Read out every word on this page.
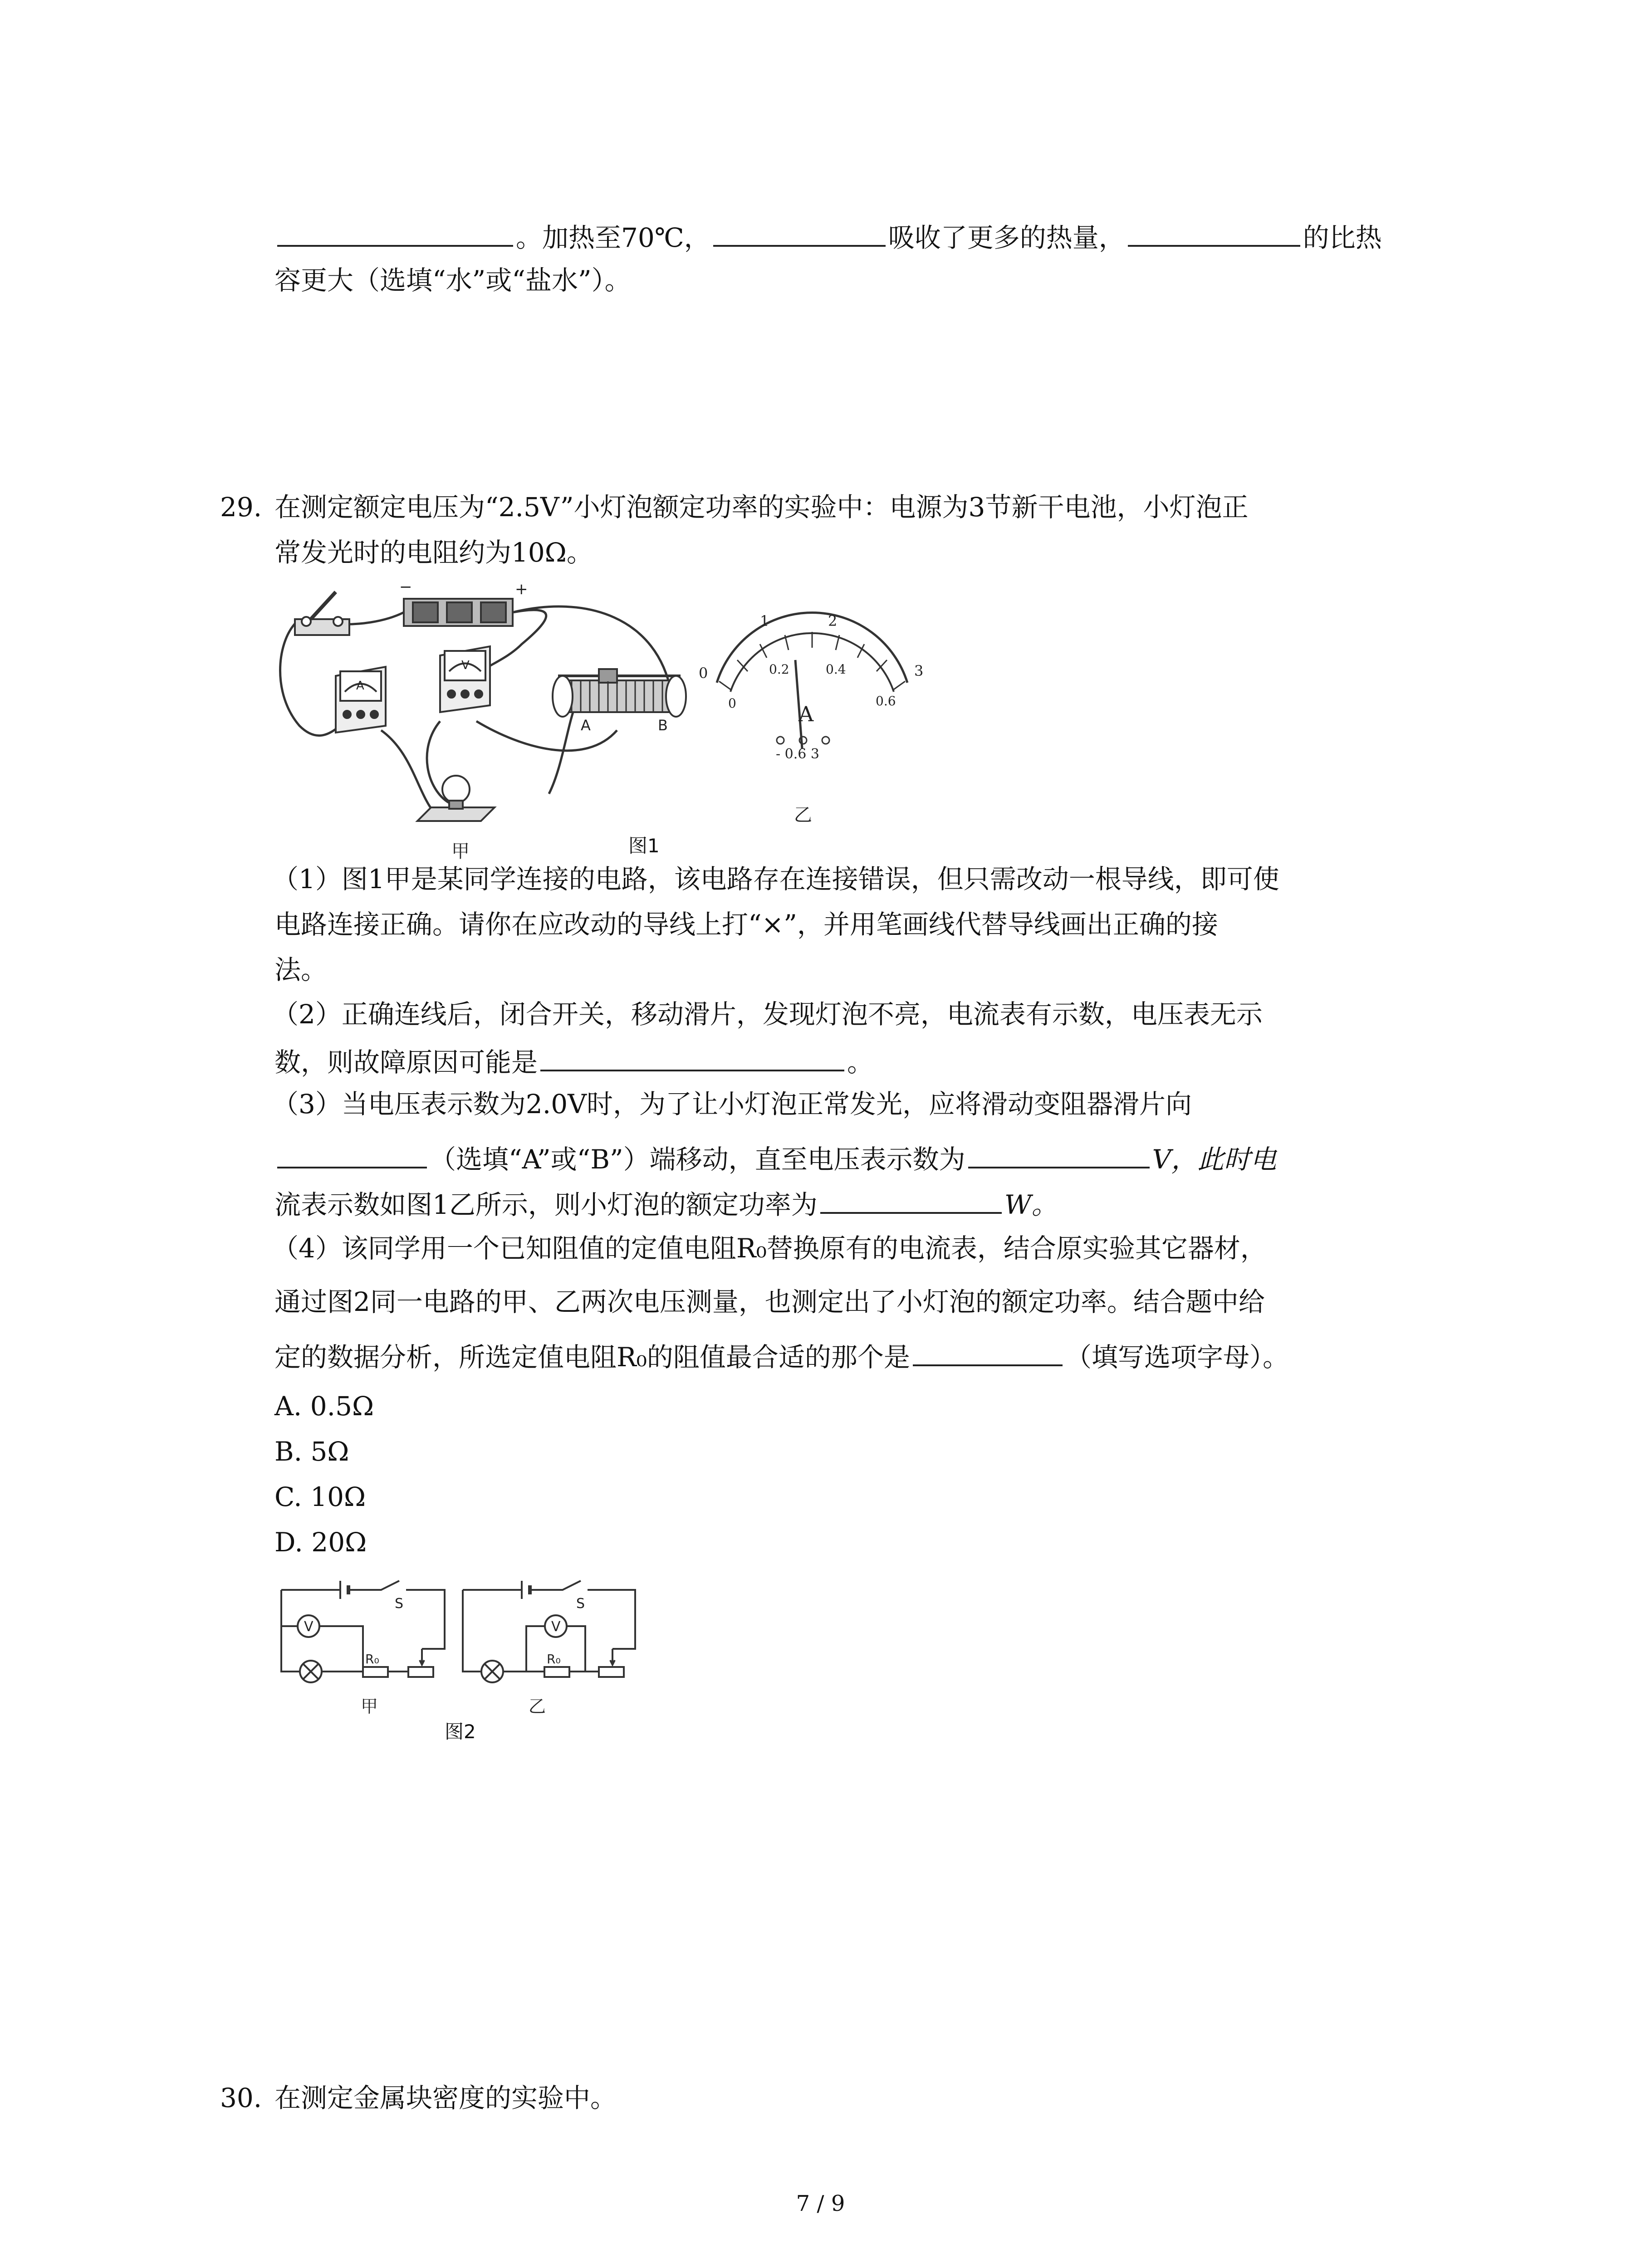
。加热至70℃，	吸收了更多的热量，	的比热
容更大（选填“水”或“盐水”）。
29. 在测定额定电压为“2.5V”小灯泡额定功率的实验中：电源为3节新干电池，小灯泡正
常发光时的电阻约为10Ω。
−	+
A
V
A	B
甲
0
1	2
3
0
0.2	0.4
0.6
A
- 0.6 3
乙
图1
（1）图1甲是某同学连接的电路，该电路存在连接错误，但只需改动一根导线，即可使
电路连接正确。请你在应改动的导线上打“×”，并用笔画线代替导线画出正确的接
法。
（2）正确连线后，闭合开关，移动滑片，发现灯泡不亮，电流表有示数，电压表无示
数，则故障原因可能是	。
（3）当电压表示数为2.0V时，为了让小灯泡正常发光，应将滑动变阻器滑片向
（选填“A”或“B”）端移动，直至电压表示数为	V，此时电
流表示数如图1乙所示，则小灯泡的额定功率为	W。
（4）该同学用一个已知阻值的定值电阻R₀替换原有的电流表，结合原实验其它器材，
通过图2同一电路的甲、乙两次电压测量，也测定出了小灯泡的额定功率。结合题中给
定的数据分析，所选定值电阻R₀的阻值最合适的那个是	（填写选项字母）。
A. 0.5Ω
B. 5Ω
C. 10Ω
D. 20Ω
V
S
R₀
甲
V
S
R₀
乙
图2
30. 在测定金属块密度的实验中。
7 / 9
